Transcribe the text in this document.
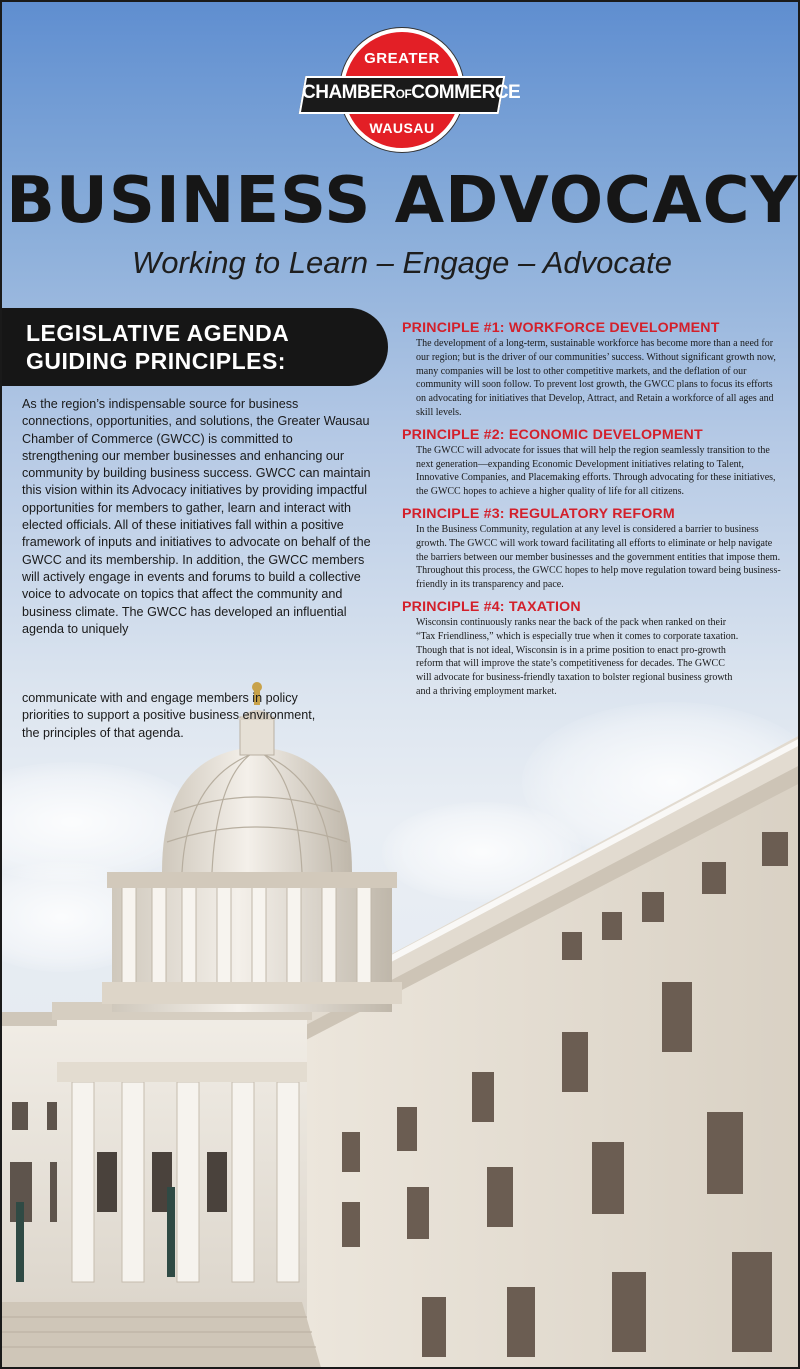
GREATER
CHAMBEROFCOMMERCE
WAUSAU
BUSINESS ADVOCACY
Working to Learn – Engage – Advocate
LEGISLATIVE AGENDA
GUIDING PRINCIPLES:
As the region’s indispensable source for business connections, opportunities, and solutions, the Greater Wausau Chamber of Commerce (GWCC) is committed to strengthening our member businesses and enhancing our community by building business success. GWCC can maintain this vision within its Advocacy initiatives by providing impactful opportunities for members to gather, learn and interact with elected officials. All of these initiatives fall within a positive framework of inputs and initiatives to advocate on behalf of the GWCC and its membership. In addition, the GWCC members will actively engage in events and forums to build a collective voice to advocate on topics that affect the community and business climate. The GWCC has developed an influential agenda to uniquely
communicate with and engage members in policy priorities to support a positive business environment, the principles of that agenda.
PRINCIPLE #1: WORKFORCE DEVELOPMENT
The development of a long-term, sustainable workforce has become more than a need for our region; but is the driver of our communities’ success. Without significant growth now, many companies will be lost to other competitive markets, and the deflation of our community will soon follow. To prevent lost growth, the GWCC plans to focus its efforts on advocating for initiatives that Develop, Attract, and Retain a workforce of all ages and skill levels.
PRINCIPLE #2: ECONOMIC DEVELOPMENT
The GWCC will advocate for issues that will help the region seamlessly transition to the next generation—expanding Economic Development initiatives relating to Talent, Innovative Companies, and Placemaking efforts. Through advocating for these initiatives, the GWCC hopes to achieve a higher quality of life for all citizens.
PRINCIPLE #3: REGULATORY REFORM
In the Business Community, regulation at any level is considered a barrier to business growth. The GWCC will work toward facilitating all efforts to eliminate or help navigate the barriers between our member businesses and the government entities that impose them. Throughout this process, the GWCC hopes to help move regulation toward being business-friendly in its transparency and pace.
PRINCIPLE #4: TAXATION
Wisconsin continuously ranks near the back of the pack when ranked on their “Tax Friendliness,” which is especially true when it comes to corporate taxation. Though that is not ideal, Wisconsin is in a prime position to enact pro-growth reform that will improve the state’s competitiveness for decades. The GWCC will advocate for business-friendly taxation to bolster regional business growth and a thriving employment market.
